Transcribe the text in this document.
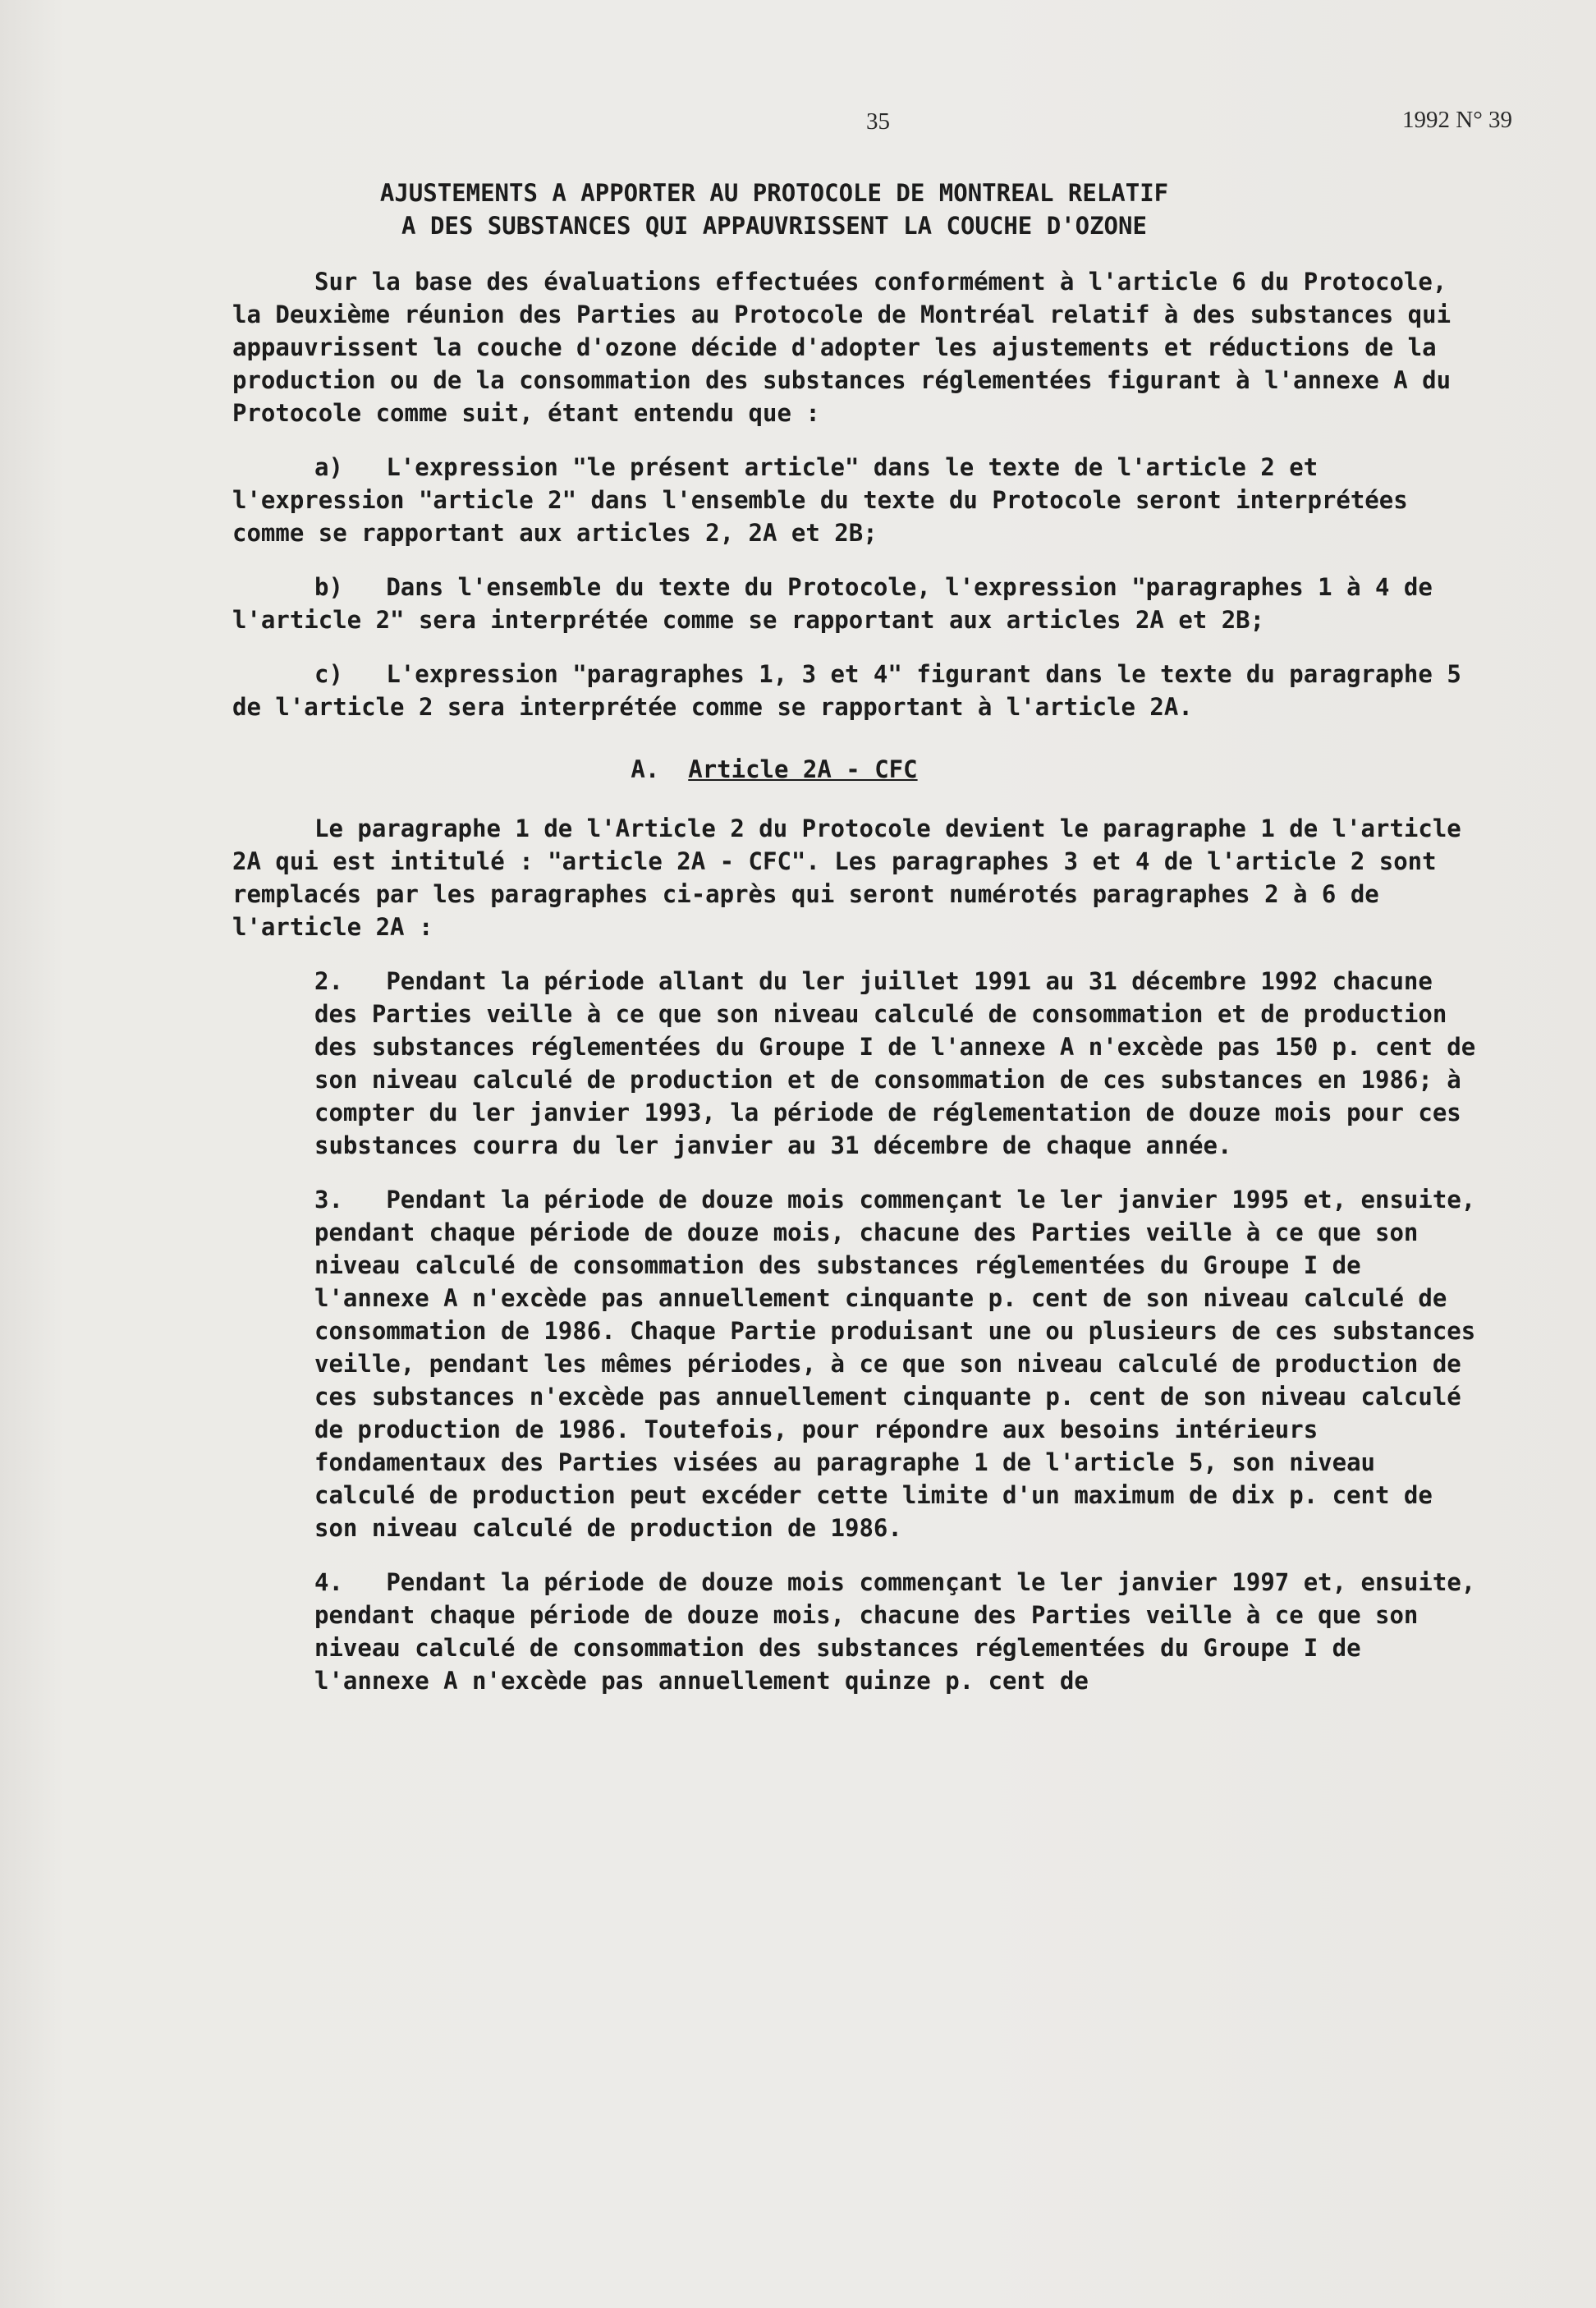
35	1992 N° 39
AJUSTEMENTS A APPORTER AU PROTOCOLE DE MONTREAL RELATIF
A DES SUBSTANCES QUI APPAUVRISSENT LA COUCHE D'OZONE

Sur la base des évaluations effectuées conformément à l'article 6 du Protocole, la Deuxième réunion des Parties au Protocole de Montréal relatif à des substances qui appauvrissent la couche d'ozone décide d'adopter les ajustements et réductions de la production ou de la consommation des substances réglementées figurant à l'annexe A du Protocole comme suit, étant entendu que :

a) L'expression "le présent article" dans le texte de l'article 2 et l'expression "article 2" dans l'ensemble du texte du Protocole seront interprétées comme se rapportant aux articles 2, 2A et 2B;

b) Dans l'ensemble du texte du Protocole, l'expression "paragraphes 1 à 4 de l'article 2" sera interprétée comme se rapportant aux articles 2A et 2B;

c) L'expression "paragraphes 1, 3 et 4" figurant dans le texte du paragraphe 5 de l'article 2 sera interprétée comme se rapportant à l'article 2A.

A. Article 2A - CFC

Le paragraphe 1 de l'Article 2 du Protocole devient le paragraphe 1 de l'article 2A qui est intitulé : "article 2A - CFC". Les paragraphes 3 et 4 de l'article 2 sont remplacés par les paragraphes ci-après qui seront numérotés paragraphes 2 à 6 de l'article 2A :

2. Pendant la période allant du ler juillet 1991 au 31 décembre 1992 chacune des Parties veille à ce que son niveau calculé de consommation et de production des substances réglementées du Groupe I de l'annexe A n'excède pas 150 p. cent de son niveau calculé de production et de consommation de ces substances en 1986; à compter du ler janvier 1993, la période de réglementation de douze mois pour ces substances courra du ler janvier au 31 décembre de chaque année.

3. Pendant la période de douze mois commençant le ler janvier 1995 et, ensuite, pendant chaque période de douze mois, chacune des Parties veille à ce que son niveau calculé de consommation des substances réglementées du Groupe I de l'annexe A n'excède pas annuellement cinquante p. cent de son niveau calculé de consommation de 1986. Chaque Partie produisant une ou plusieurs de ces substances veille, pendant les mêmes périodes, à ce que son niveau calculé de production de ces substances n'excède pas annuellement cinquante p. cent de son niveau calculé de production de 1986. Toutefois, pour répondre aux besoins intérieurs fondamentaux des Parties visées au paragraphe 1 de l'article 5, son niveau calculé de production peut excéder cette limite d'un maximum de dix p. cent de son niveau calculé de production de 1986.

4. Pendant la période de douze mois commençant le ler janvier 1997 et, ensuite, pendant chaque période de douze mois, chacune des Parties veille à ce que son niveau calculé de consommation des substances réglementées du Groupe I de l'annexe A n'excède pas annuellement quinze p. cent de
